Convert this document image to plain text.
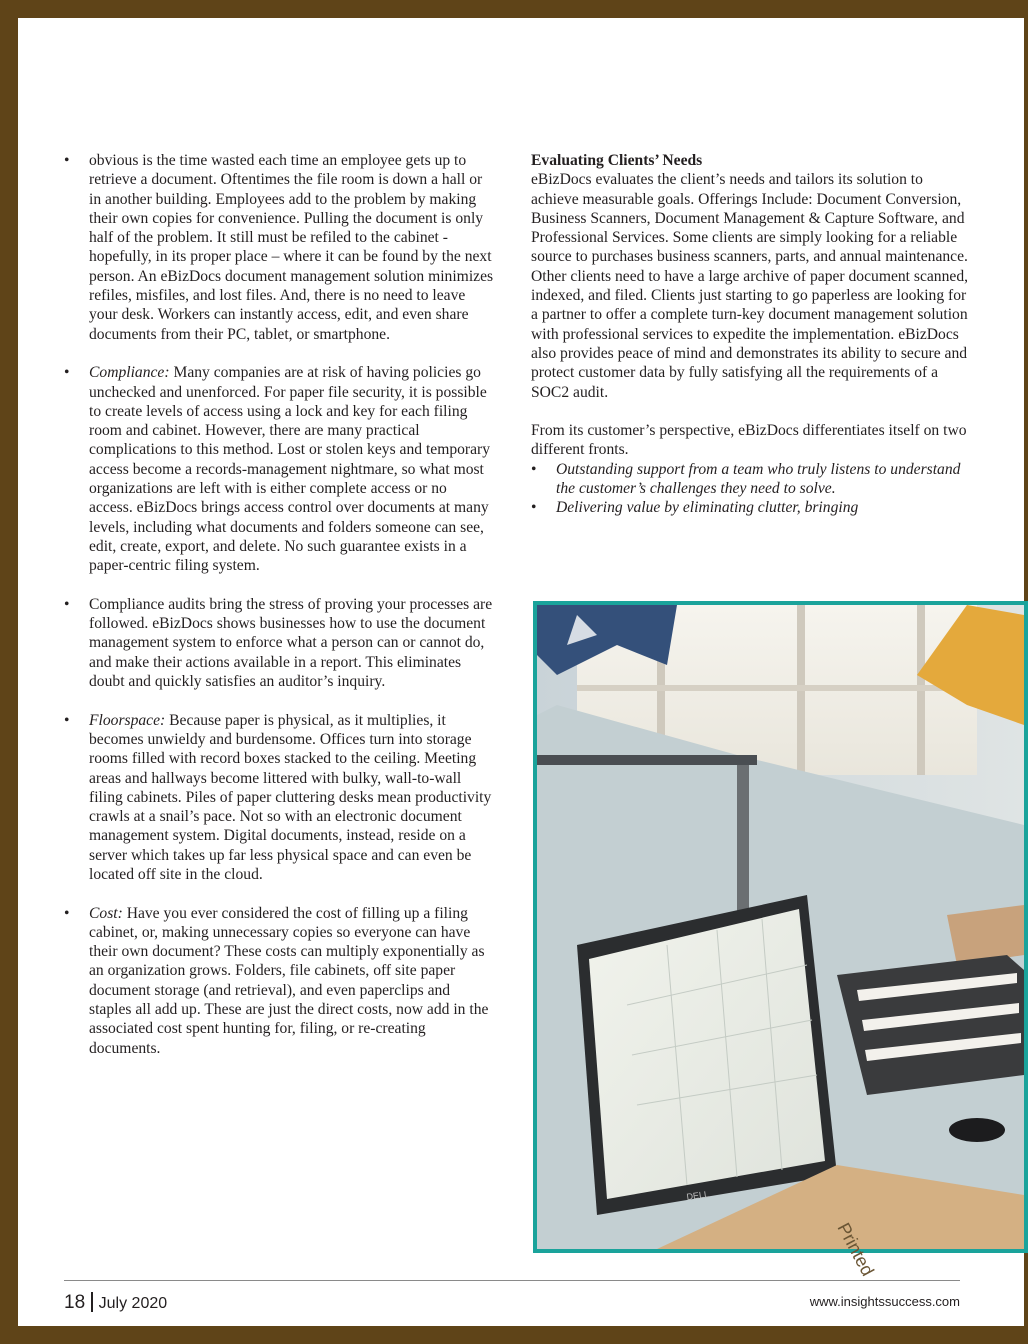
• obvious is the time wasted each time an employee gets up to retrieve a document. Oftentimes the file room is down a hall or in another building. Employees add to the problem by making their own copies for convenience. Pulling the document is only half of the problem. It still must be refiled to the cabinet - hopefully, in its proper place – where it can be found by the next person. An eBizDocs document management solution minimizes refiles, misfiles, and lost files. And, there is no need to leave your desk. Workers can instantly access, edit, and even share documents from their PC, tablet, or smartphone.
• Compliance: Many companies are at risk of having policies go unchecked and unenforced. For paper file security, it is possible to create levels of access using a lock and key for each filing room and cabinet. However, there are many practical complications to this method. Lost or stolen keys and temporary access become a records-management nightmare, so what most organizations are left with is either complete access or no access. eBizDocs brings access control over documents at many levels, including what documents and folders someone can see, edit, create, export, and delete. No such guarantee exists in a paper-centric filing system.
• Compliance audits bring the stress of proving your processes are followed. eBizDocs shows businesses how to use the document management system to enforce what a person can or cannot do, and make their actions available in a report. This eliminates doubt and quickly satisfies an auditor’s inquiry.
• Floorspace: Because paper is physical, as it multiplies, it becomes unwieldy and burdensome. Offices turn into storage rooms filled with record boxes stacked to the ceiling. Meeting areas and hallways become littered with bulky, wall-to-wall filing cabinets. Piles of paper cluttering desks mean productivity crawls at a snail’s pace. Not so with an electronic document management system. Digital documents, instead, reside on a server which takes up far less physical space and can even be located off site in the cloud.
• Cost: Have you ever considered the cost of filling up a filing cabinet, or, making unnecessary copies so everyone can have their own document? These costs can multiply exponentially as an organization grows. Folders, file cabinets, off site paper document storage (and retrieval), and even paperclips and staples all add up. These are just the direct costs, now add in the associated cost spent hunting for, filing, or re-creating documents.
Evaluating Clients’ Needs
eBizDocs evaluates the client’s needs and tailors its solution to achieve measurable goals. Offerings Include: Document Conversion, Business Scanners, Document Management & Capture Software, and Professional Services. Some clients are simply looking for a reliable source to purchases business scanners, parts, and annual maintenance. Other clients need to have a large archive of paper document scanned, indexed, and filed. Clients just starting to go paperless are looking for a partner to offer a complete turn-key document management solution with professional services to expedite the implementation. eBizDocs also provides peace of mind and demonstrates its ability to secure and protect customer data by fully satisfying all the requirements of a SOC2 audit.
From its customer’s perspective, eBizDocs differentiates itself on two different fronts.
• Outstanding support from a team who truly listens to understand the customer’s challenges they need to solve.
• Delivering value by eliminating clutter, bringing
DELL
Printed
18 July 2020	www.insightssuccess.com
